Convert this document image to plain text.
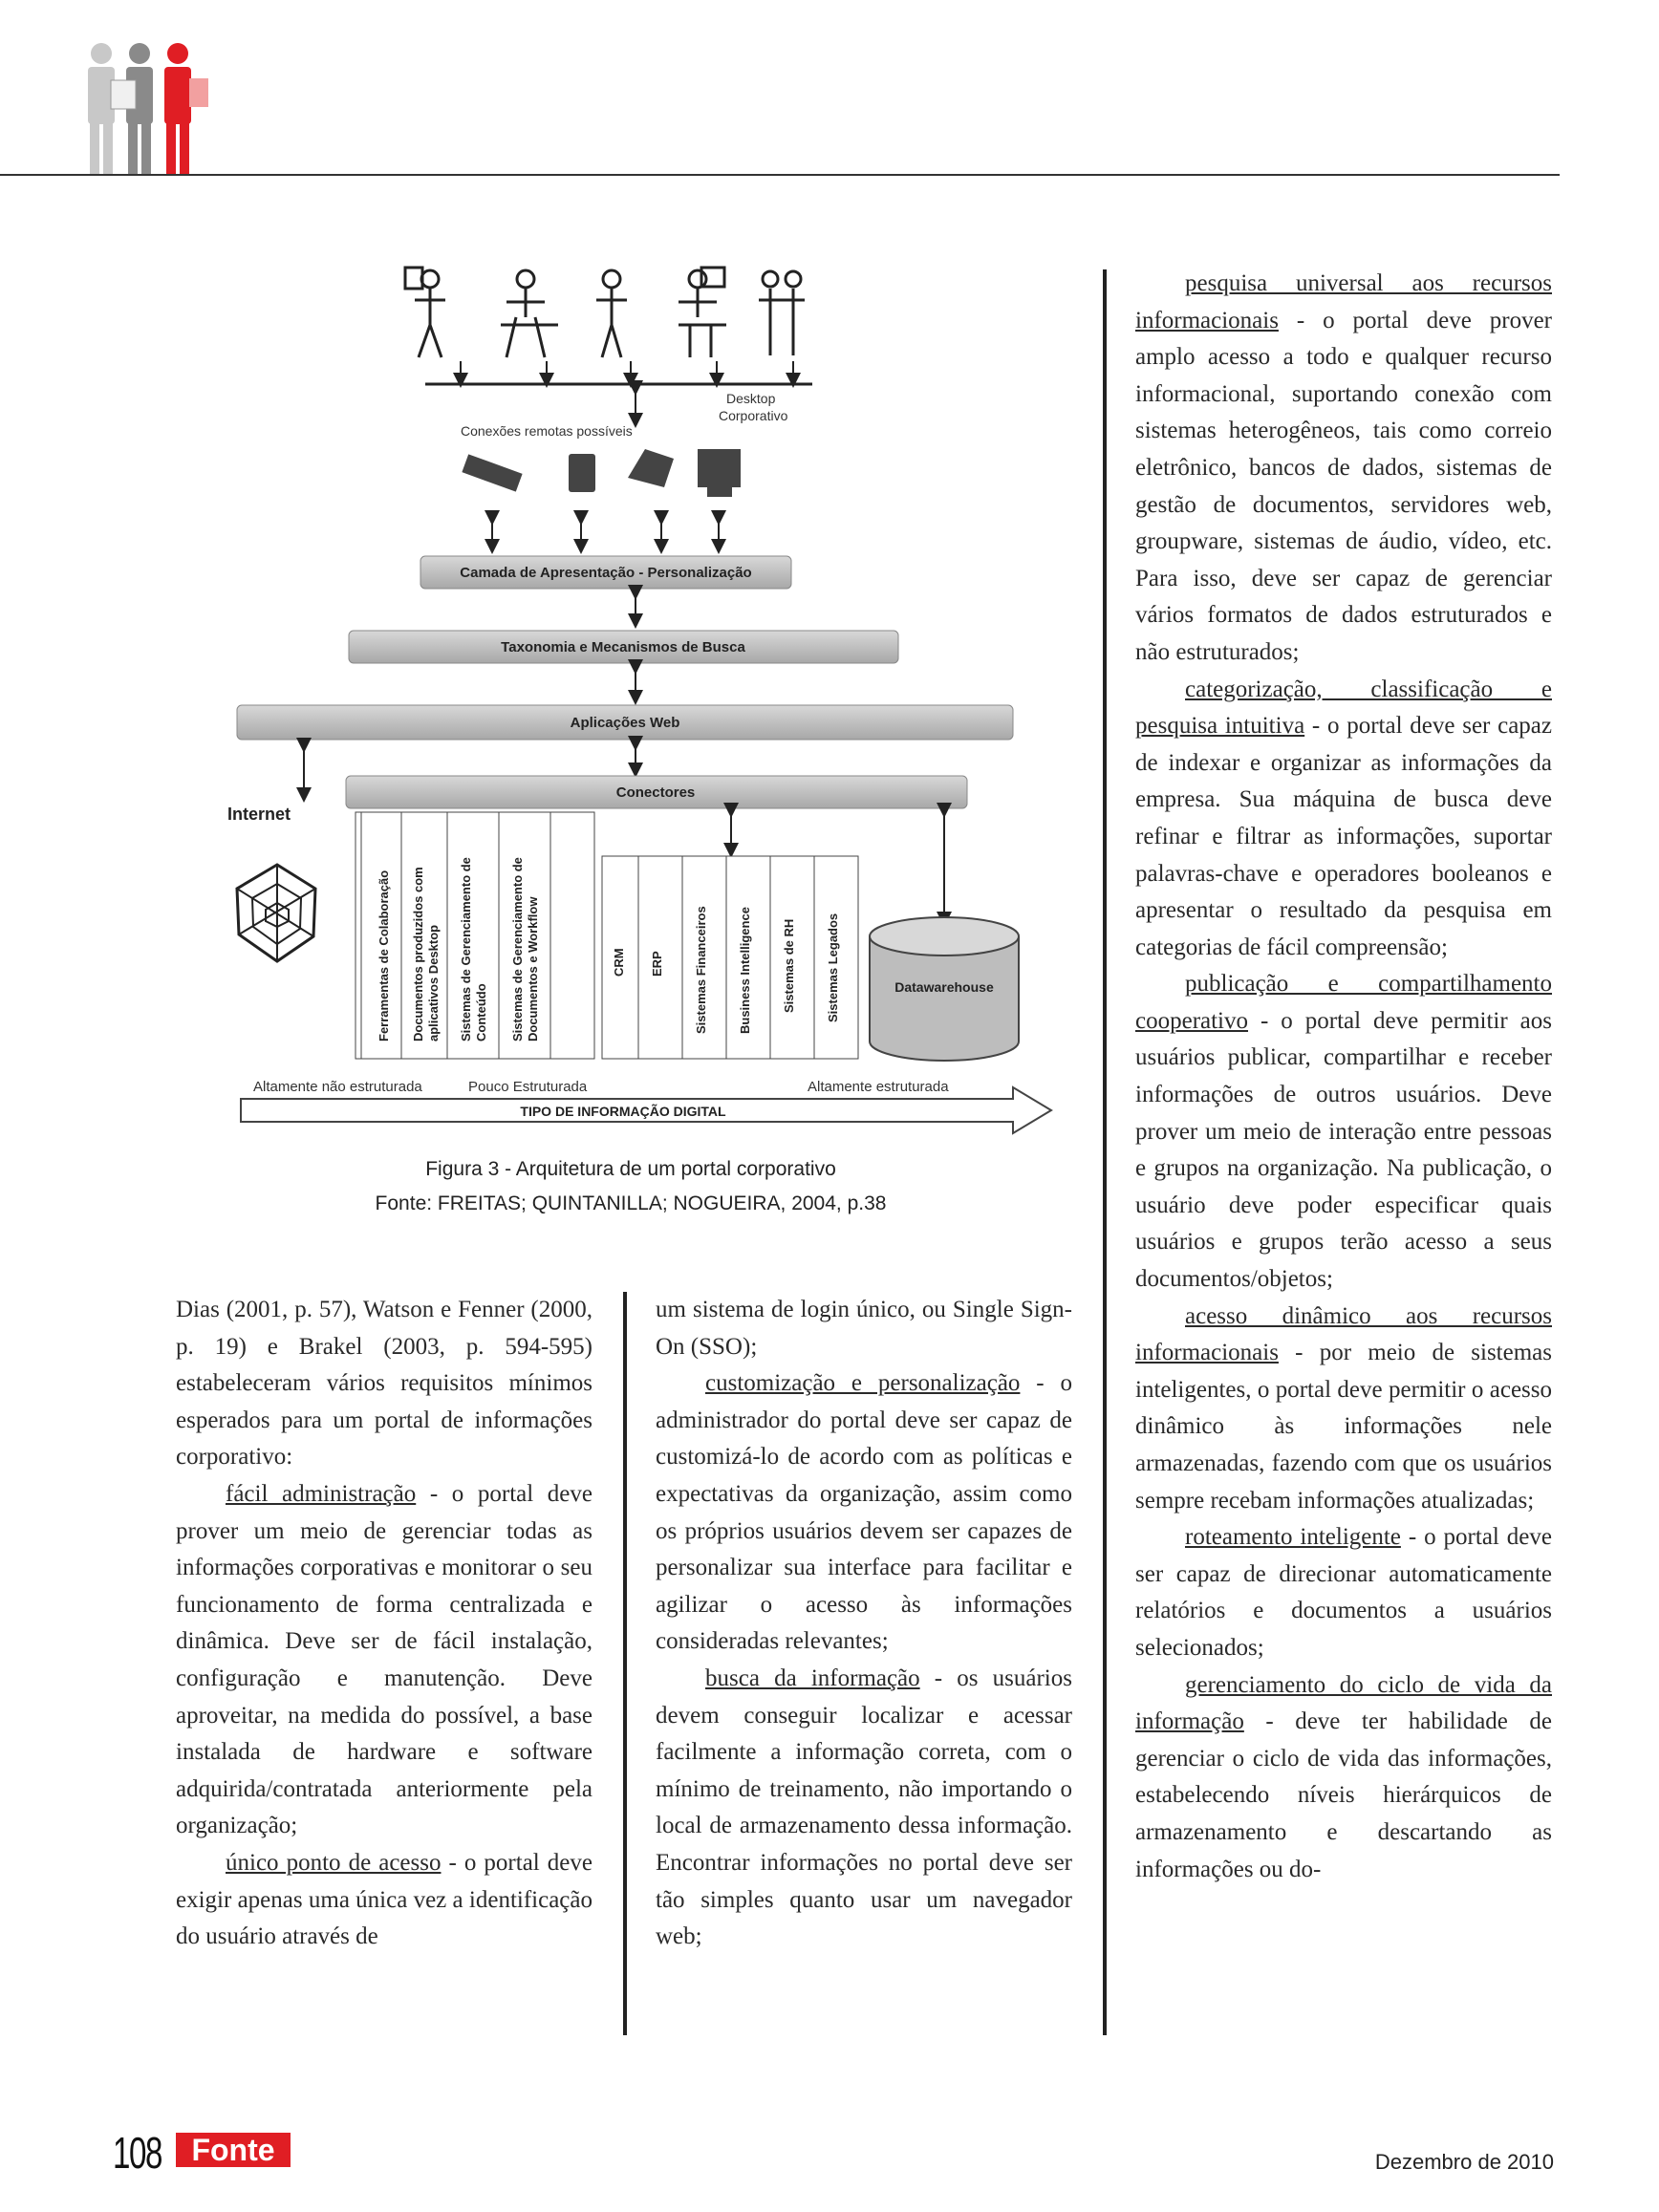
Desktop
Corporativo
Conexões remotas possíveis
Camada de Apresentação - Personalização
Taxonomia e Mecanismos de Busca
Aplicações Web
Conectores
Internet
Ferramentas de Colaboração Documentos produzidos com aplicativos Desktop Sistemas de Gerenciamento de Conteúdo Sistemas de Gerenciamento de Documentos e Workflow	CRM ERP Sistemas Financeiros Business Intelligence Sistemas de RH Sistemas Legados	Datawarehouse
Altamente não estruturada	Pouco Estruturada	Altamente estruturada
TIPO DE INFORMAÇÃO DIGITAL
Figura 3 - Arquitetura de um portal corporativo
Fonte: FREITAS; QUINTANILLA; NOGUEIRA, 2004, p.38

Dias (2001, p. 57), Watson e Fenner (2000, p. 19) e Brakel (2003, p. 594-595) estabeleceram vários requisitos mínimos esperados para um portal de informações corporativo:

fácil administração - o portal deve prover um meio de gerenciar todas as informações corporativas e monitorar o seu funcionamento de forma centralizada e dinâmica. Deve ser de fácil instalação, configuração e manutenção. Deve aproveitar, na medida do possível, a base instalada de hardware e software adquirida/contratada anteriormente pela organização;

único ponto de acesso - o portal deve exigir apenas uma única vez a identificação do usuário através de

um sistema de login único, ou Single Sign-On (SSO);

customização e personalização - o administrador do portal deve ser capaz de customizá-lo de acordo com as políticas e expectativas da organização, assim como os próprios usuários devem ser capazes de personalizar sua interface para facilitar e agilizar o acesso às informações consideradas relevantes;

busca da informação - os usuários devem conseguir localizar e acessar facilmente a informação correta, com o mínimo de treinamento, não importando o local de armazenamento dessa informação. Encontrar informações no portal deve ser tão simples quanto usar um navegador web;

pesquisa universal aos recursos informacionais - o portal deve prover amplo acesso a todo e qualquer recurso informacional, suportando conexão com sistemas heterogêneos, tais como correio eletrônico, bancos de dados, sistemas de gestão de documentos, servidores web, groupware, sistemas de áudio, vídeo, etc. Para isso, deve ser capaz de gerenciar vários formatos de dados estruturados e não estruturados;

categorização, classificação e pesquisa intuitiva - o portal deve ser capaz de indexar e organizar as informações da empresa. Sua máquina de busca deve refinar e filtrar as informações, suportar palavras-chave e operadores booleanos e apresentar o resultado da pesquisa em categorias de fácil compreensão;

publicação e compartilhamento cooperativo - o portal deve permitir aos usuários publicar, compartilhar e receber informações de outros usuários. Deve prover um meio de interação entre pessoas e grupos na organização. Na publicação, o usuário deve poder especificar quais usuários e grupos terão acesso a seus documentos/objetos;

acesso dinâmico aos recursos informacionais - por meio de sistemas inteligentes, o portal deve permitir o acesso dinâmico às informações nele armazenadas, fazendo com que os usuários sempre recebam informações atualizadas;

roteamento inteligente - o portal deve ser capaz de direcionar automaticamente relatórios e documentos a usuários selecionados;

gerenciamento do ciclo de vida da informação - deve ter habilidade de gerenciar o ciclo de vida das informações, estabelecendo níveis hierárquicos de armazenamento e descartando as informações ou do-

108 Fonte	Dezembro de 2010
